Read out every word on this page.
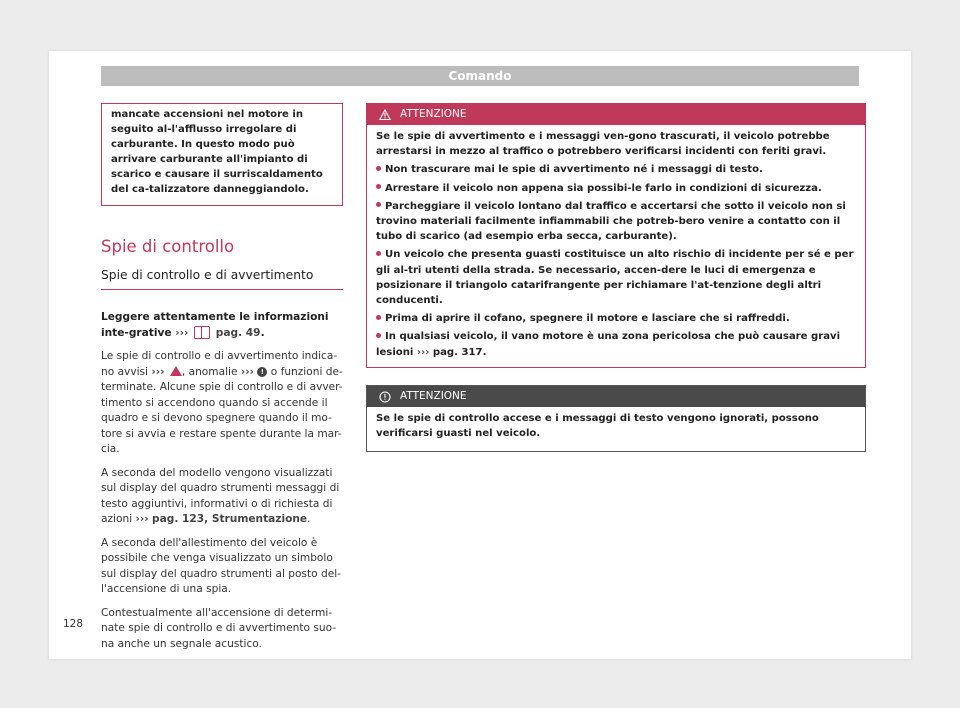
Comando
mancate accensioni nel motore in seguito al-l'afflusso irregolare di carburante. In questo modo può arrivare carburante all'impianto di scarico e causare il surriscaldamento del ca-talizzatore danneggiandolo.
Spie di controllo
Spie di controllo e di avvertimento
Leggere attentamente le informazioni inte-grative ›››	pag. 49.
Le spie di controllo e di avvertimento indica-no avvisi ››› , anomalie ››› ! o funzioni de-terminate. Alcune spie di controllo e di avver-timento si accendono quando si accende il quadro e si devono spegnere quando il mo-tore si avvia e restare spente durante la mar-cia.
A seconda del modello vengono visualizzati sul display del quadro strumenti messaggi di testo aggiuntivi, informativi o di richiesta di azioni ››› pag. 123, Strumentazione.
A seconda dell'allestimento del veicolo è possibile che venga visualizzato un simbolo sul display del quadro strumenti al posto del-l'accensione di una spia.
Contestualmente all'accensione di determi-nate spie di controllo e di avvertimento suo-na anche un segnale acustico.
ATTENZIONE

Se le spie di avvertimento e i messaggi ven-gono trascurati, il veicolo potrebbe arrestarsi in mezzo al traffico o potrebbero verificarsi incidenti con feriti gravi.

Non trascurare mai le spie di avvertimento né i messaggi di testo.
Arrestare il veicolo non appena sia possibi-le farlo in condizioni di sicurezza.
Parcheggiare il veicolo lontano dal traffico e accertarsi che sotto il veicolo non si trovino materiali facilmente infiammabili che potreb-bero venire a contatto con il tubo di scarico (ad esempio erba secca, carburante).
Un veicolo che presenta guasti costituisce un alto rischio di incidente per sé e per gli al-tri utenti della strada. Se necessario, accen-dere le luci di emergenza e posizionare il triangolo catarifrangente per richiamare l'at-tenzione degli altri conducenti.
Prima di aprire il cofano, spegnere il motore e lasciare che si raffreddi.
In qualsiasi veicolo, il vano motore è una zona pericolosa che può causare gravi lesioni ››› pag. 317.
ATTENZIONE

Se le spie di controllo accese e i messaggi di testo vengono ignorati, possono verificarsi guasti nel veicolo.

128
